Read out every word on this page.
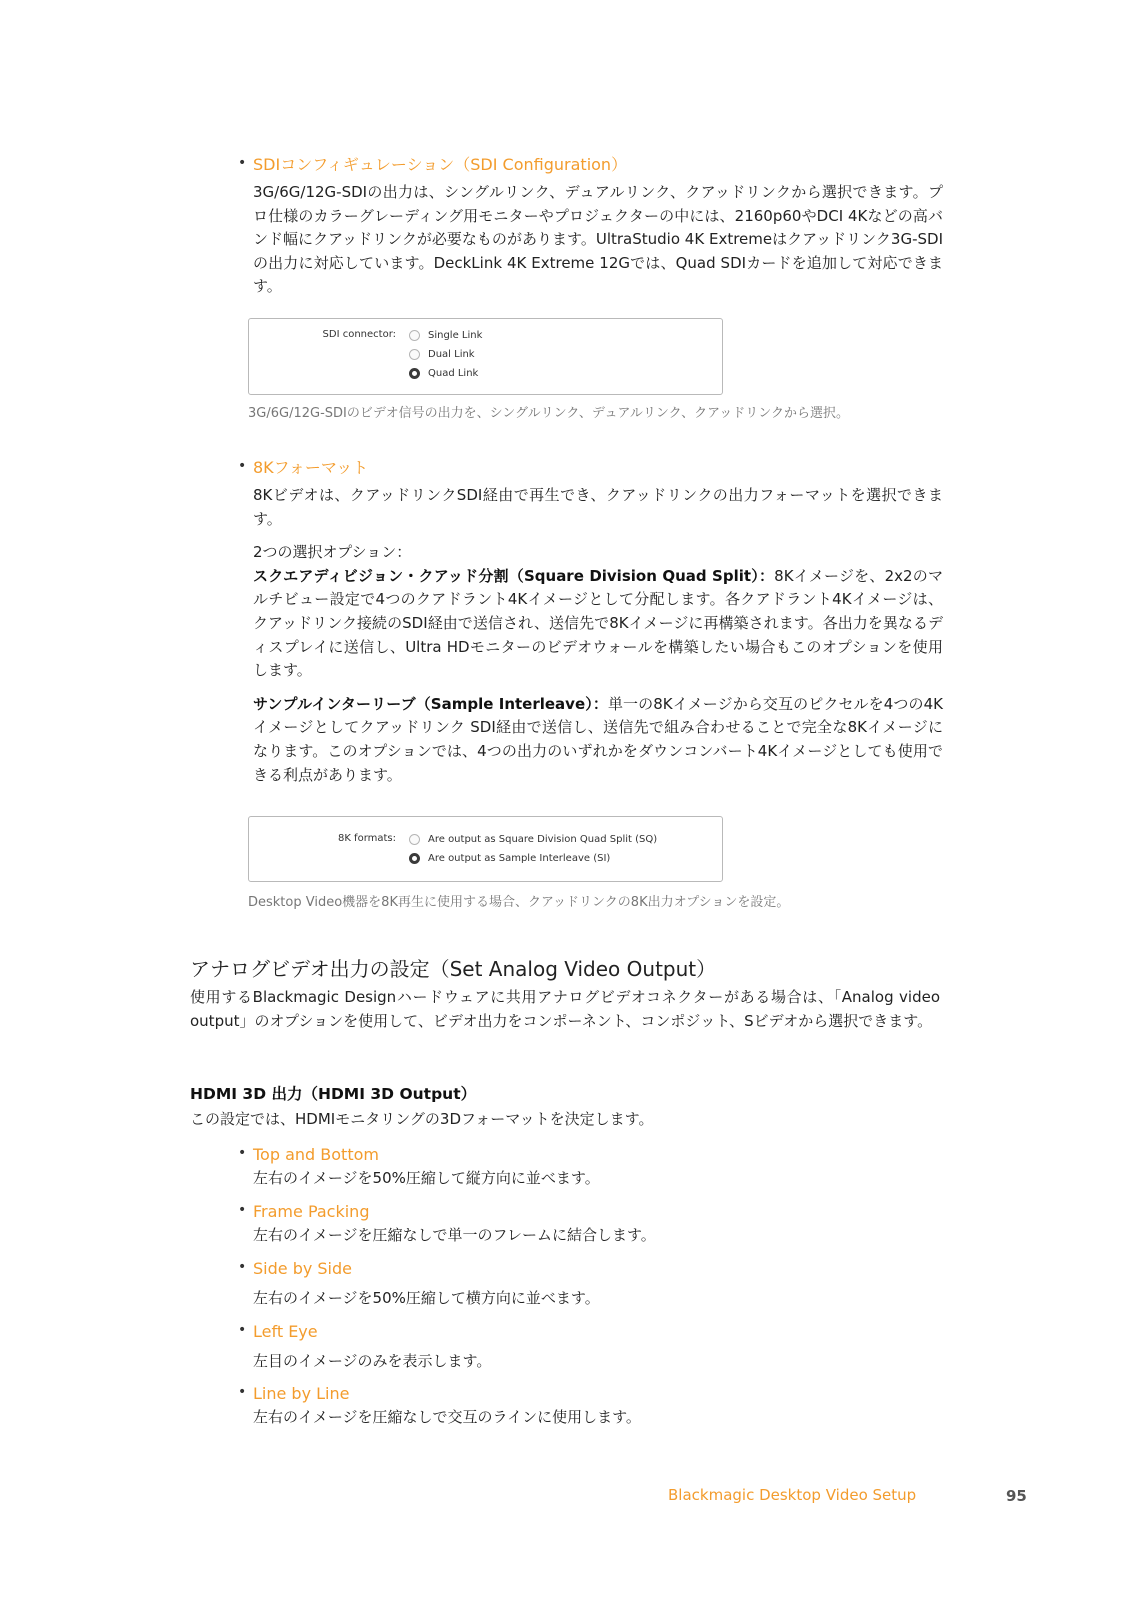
• SDIコンフィギュレーション（SDI Configuration）

3G/6G/12G-SDIの出力は、シングルリンク、デュアルリンク、クアッドリンクから選択できます。プロ仕様のカラーグレーディング用モニターやプロジェクターの中には、2160p60やDCI 4Kなどの高バンド幅にクアッドリンクが必要なものがあります。UltraStudio 4K Extremeはクアッドリンク3G-SDIの出力に対応しています。DeckLink 4K Extreme 12Gでは、Quad SDIカードを追加して対応できます。

SDI connector:	Single Link
Dual Link
Quad Link
3G/6G/12G-SDIのビデオ信号の出力を、シングルリンク、デュアルリンク、クアッドリンクから選択。
• 8Kフォーマット

8Kビデオは、クアッドリンクSDI経由で再生でき、クアッドリンクの出力フォーマットを選択できます。

2つの選択オプション：

スクエアディビジョン・クアッド分割（Square Division Quad Split）：8Kイメージを、2x2のマルチビュー設定で4つのクアドラント4Kイメージとして分配します。各クアドラント4Kイメージは、クアッドリンク接続のSDI経由で送信され、送信先で8Kイメージに再構築されます。各出力を異なるディスプレイに送信し、Ultra HDモニターのビデオウォールを構築したい場合もこのオプションを使用します。

サンプルインターリーブ（Sample Interleave）：単一の8Kイメージから交互のピクセルを4つの4Kイメージとしてクアッドリンク SDI経由で送信し、送信先で組み合わせることで完全な8Kイメージになります。このオプションでは、4つの出力のいずれかをダウンコンバート4Kイメージとしても使用できる利点があります。

8K formats:	Are output as Square Division Quad Split (SQ)
Are output as Sample Interleave (SI)
Desktop Video機器を8K再生に使用する場合、クアッドリンクの8K出力オプションを設定。
アナログビデオ出力の設定（Set Analog Video Output）

使用するBlackmagic Designハードウェアに共用アナログビデオコネクターがある場合は、「Analog video output」のオプションを使用して、ビデオ出力をコンポーネント、コンポジット、Sビデオから選択できます。

HDMI 3D 出力（HDMI 3D Output）

この設定では、HDMIモニタリングの3Dフォーマットを決定します。

• Top and Bottom

左右のイメージを50%圧縮して縦方向に並べます。

• Frame Packing

左右のイメージを圧縮なしで単一のフレームに結合します。

• Side by Side

左右のイメージを50%圧縮して横方向に並べます。

• Left Eye

左目のイメージのみを表示します。

• Line by Line

左右のイメージを圧縮なしで交互のラインに使用します。

Blackmagic Desktop Video Setup	95
